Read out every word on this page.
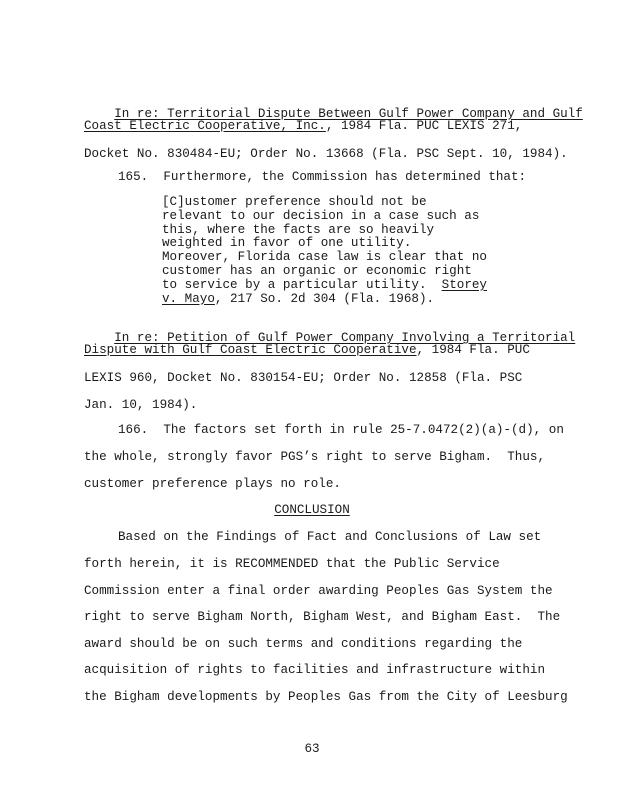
In re: Territorial Dispute Between Gulf Power Company and Gulf

Coast Electric Cooperative, Inc., 1984 Fla. PUC LEXIS 271,
Docket No. 830484-EU; Order No. 13668 (Fla. PSC Sept. 10, 1984).
165.  Furthermore, the Commission has determined that:
[C]ustomer preference should not be
relevant to our decision in a case such as
this, where the facts are so heavily
weighted in favor of one utility.
Moreover, Florida case law is clear that no
customer has an organic or economic right
to service by a particular utility.  Storey
v. Mayo, 217 So. 2d 304 (Fla. 1968).

In re: Petition of Gulf Power Company Involving a Territorial

Dispute with Gulf Coast Electric Cooperative, 1984 Fla. PUC
LEXIS 960, Docket No. 830154-EU; Order No. 12858 (Fla. PSC
Jan. 10, 1984).
166.  The factors set forth in rule 25-7.0472(2)(a)-(d), on
the whole, strongly favor PGS’s right to serve Bigham.  Thus,
customer preference plays no role.
CONCLUSION
Based on the Findings of Fact and Conclusions of Law set
forth herein, it is RECOMMENDED that the Public Service
Commission enter a final order awarding Peoples Gas System the
right to serve Bigham North, Bigham West, and Bigham East.  The
award should be on such terms and conditions regarding the
acquisition of rights to facilities and infrastructure within
the Bigham developments by Peoples Gas from the City of Leesburg
63
